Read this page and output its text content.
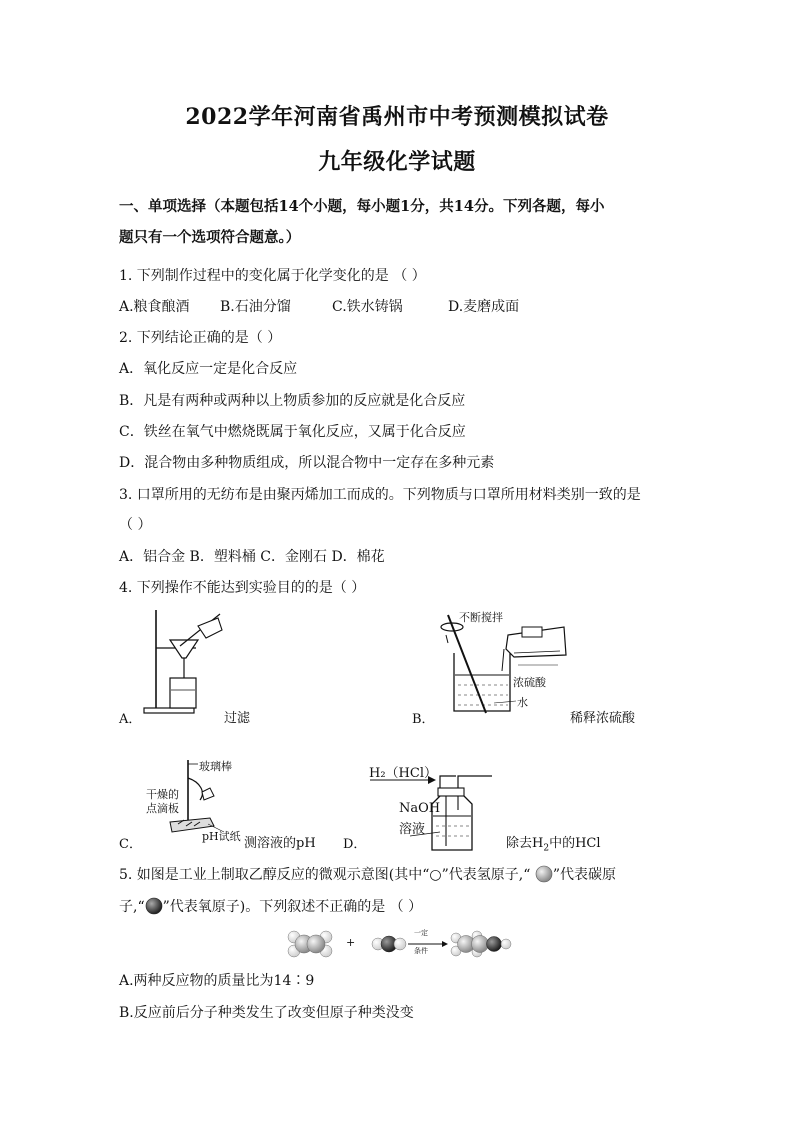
2022学年河南省禹州市中考预测模拟试卷
九年级化学试题
一、单项选择（本题包括14个小题，每小题1分，共14分。下列各题，每小
题只有一个选项符合题意。）
1. 下列制作过程中的变化属于化学变化的是 （ ）
A.粮食酿酒 B.石油分馏	C.铁水铸锅	D.麦磨成面
2. 下列结论正确的是（ ）
A．氧化反应一定是化合反应
B．凡是有两种或两种以上物质参加的反应就是化合反应
C．铁丝在氧气中燃烧既属于氧化反应，又属于化合反应
D．混合物由多种物质组成，所以混合物中一定存在多种元素
3. 口罩所用的无纺布是由聚丙烯加工而成的。下列物质与口罩所用材料类别一致的是
（ ）
A．铝合金 B．塑料桶 C．金刚石 D．棉花
4. 下列操作不能达到实验目的的是（ ）
A．	过滤
不断搅拌
浓硫酸
水
B．	稀释浓硫酸
玻璃棒
干燥的
点滴板
pH试纸
C．	测溶液的pH
H₂（HCl）
NaOH
溶液
D．	除去$H_2$中的HCl
5. 如图是工业上制取乙醇反应的微观示意图(其中“○”代表氢原子,“ ”代表碳原
子,“ ”代表氧原子)。下列叙述不正确的是 （ ）
+
一定
条件
A.两种反应物的质量比为14∶9
B.反应前后分子种类发生了改变但原子种类没变
